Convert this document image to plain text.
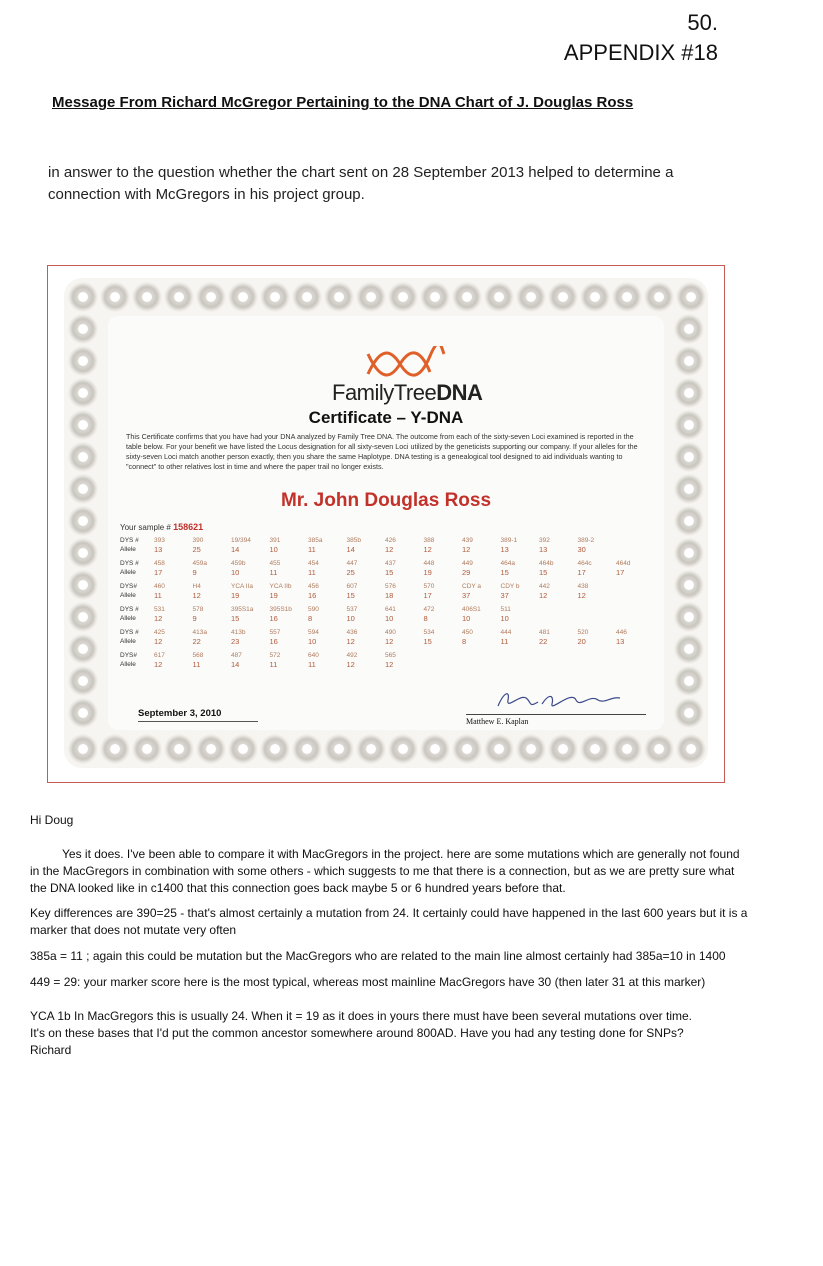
50.
APPENDIX #18
Message From Richard McGregor Pertaining to the DNA Chart of J. Douglas Ross
in answer to the question whether the chart sent on 28 September 2013 helped to determine a connection with McGregors in his project group.
FamilyTreeDNA
Certificate – Y-DNA
This Certificate confirms that you have had your DNA analyzed by Family Tree DNA. The outcome from each of the sixty-seven Loci examined is reported in the table below. For your benefit we have listed the Locus designation for all sixty-seven Loci utilized by the geneticists supporting our company. If your alleles for the sixty-seven Loci match another person exactly, then you share the same Haplotype. DNA testing is a genealogical tool designed to aid individuals wanting to "connect" to other relatives lost in time and where the paper trail no longer exists.
Mr. John Douglas Ross
Your sample # 158621
DYS #	393	390	19/394	391	385a	385b	426	388	439	389-1	392	389-2
Allele	13	25	14	10	11	14	12	12	12	13	13	30
DYS #	458	459a	459b	455	454	447	437	448	449	464a	464b	464c	464d
Allele	17	9	10	11	11	25	15	19	29	15	15	17	17
DYS#	460	H4	YCA IIa	YCA IIb	456	607	576	570	CDY a	CDY b	442	438
Allele	11	12	19	19	16	15	18	17	37	37	12	12
DYS #	531	578	395S1a	395S1b	590	537	641	472	406S1	511
Allele	12	9	15	16	8	10	10	8	10	10
DYS #	425	413a	413b	557	594	436	490	534	450	444	481	520	446
Allele	12	22	23	16	10	12	12	15	8	11	22	20	13
DYS#	617	568	487	572	640	492	565
Allele	12	11	14	11	11	12	12
September 3, 2010
Matthew E. Kaplan

Hi Doug

Yes it does. I've been able to compare it with MacGregors in the project. here are some mutations which are generally not found in the MacGregors in combination with some others - which suggests to me that there is a connection, but as we are pretty sure what the DNA looked like in c1400 that this connection goes back maybe 5 or 6 hundred years before that.

Key differences are 390=25 - that's almost certainly a mutation from 24. It certainly could have happened in the last 600 years but it is a marker that does not mutate very often

385a = 11 ; again this could be mutation but the MacGregors who are related to the main line almost certainly had 385a=10 in 1400

449 = 29: your marker score here is the most typical, whereas most mainline MacGregors have 30 (then later 31 at this marker)

YCA 1b In MacGregors this is usually 24. When it = 19 as it does in yours there must have been several mutations over time.

It's on these bases that I'd put the common ancestor somewhere around 800AD. Have you had any testing done for SNPs?

Richard
